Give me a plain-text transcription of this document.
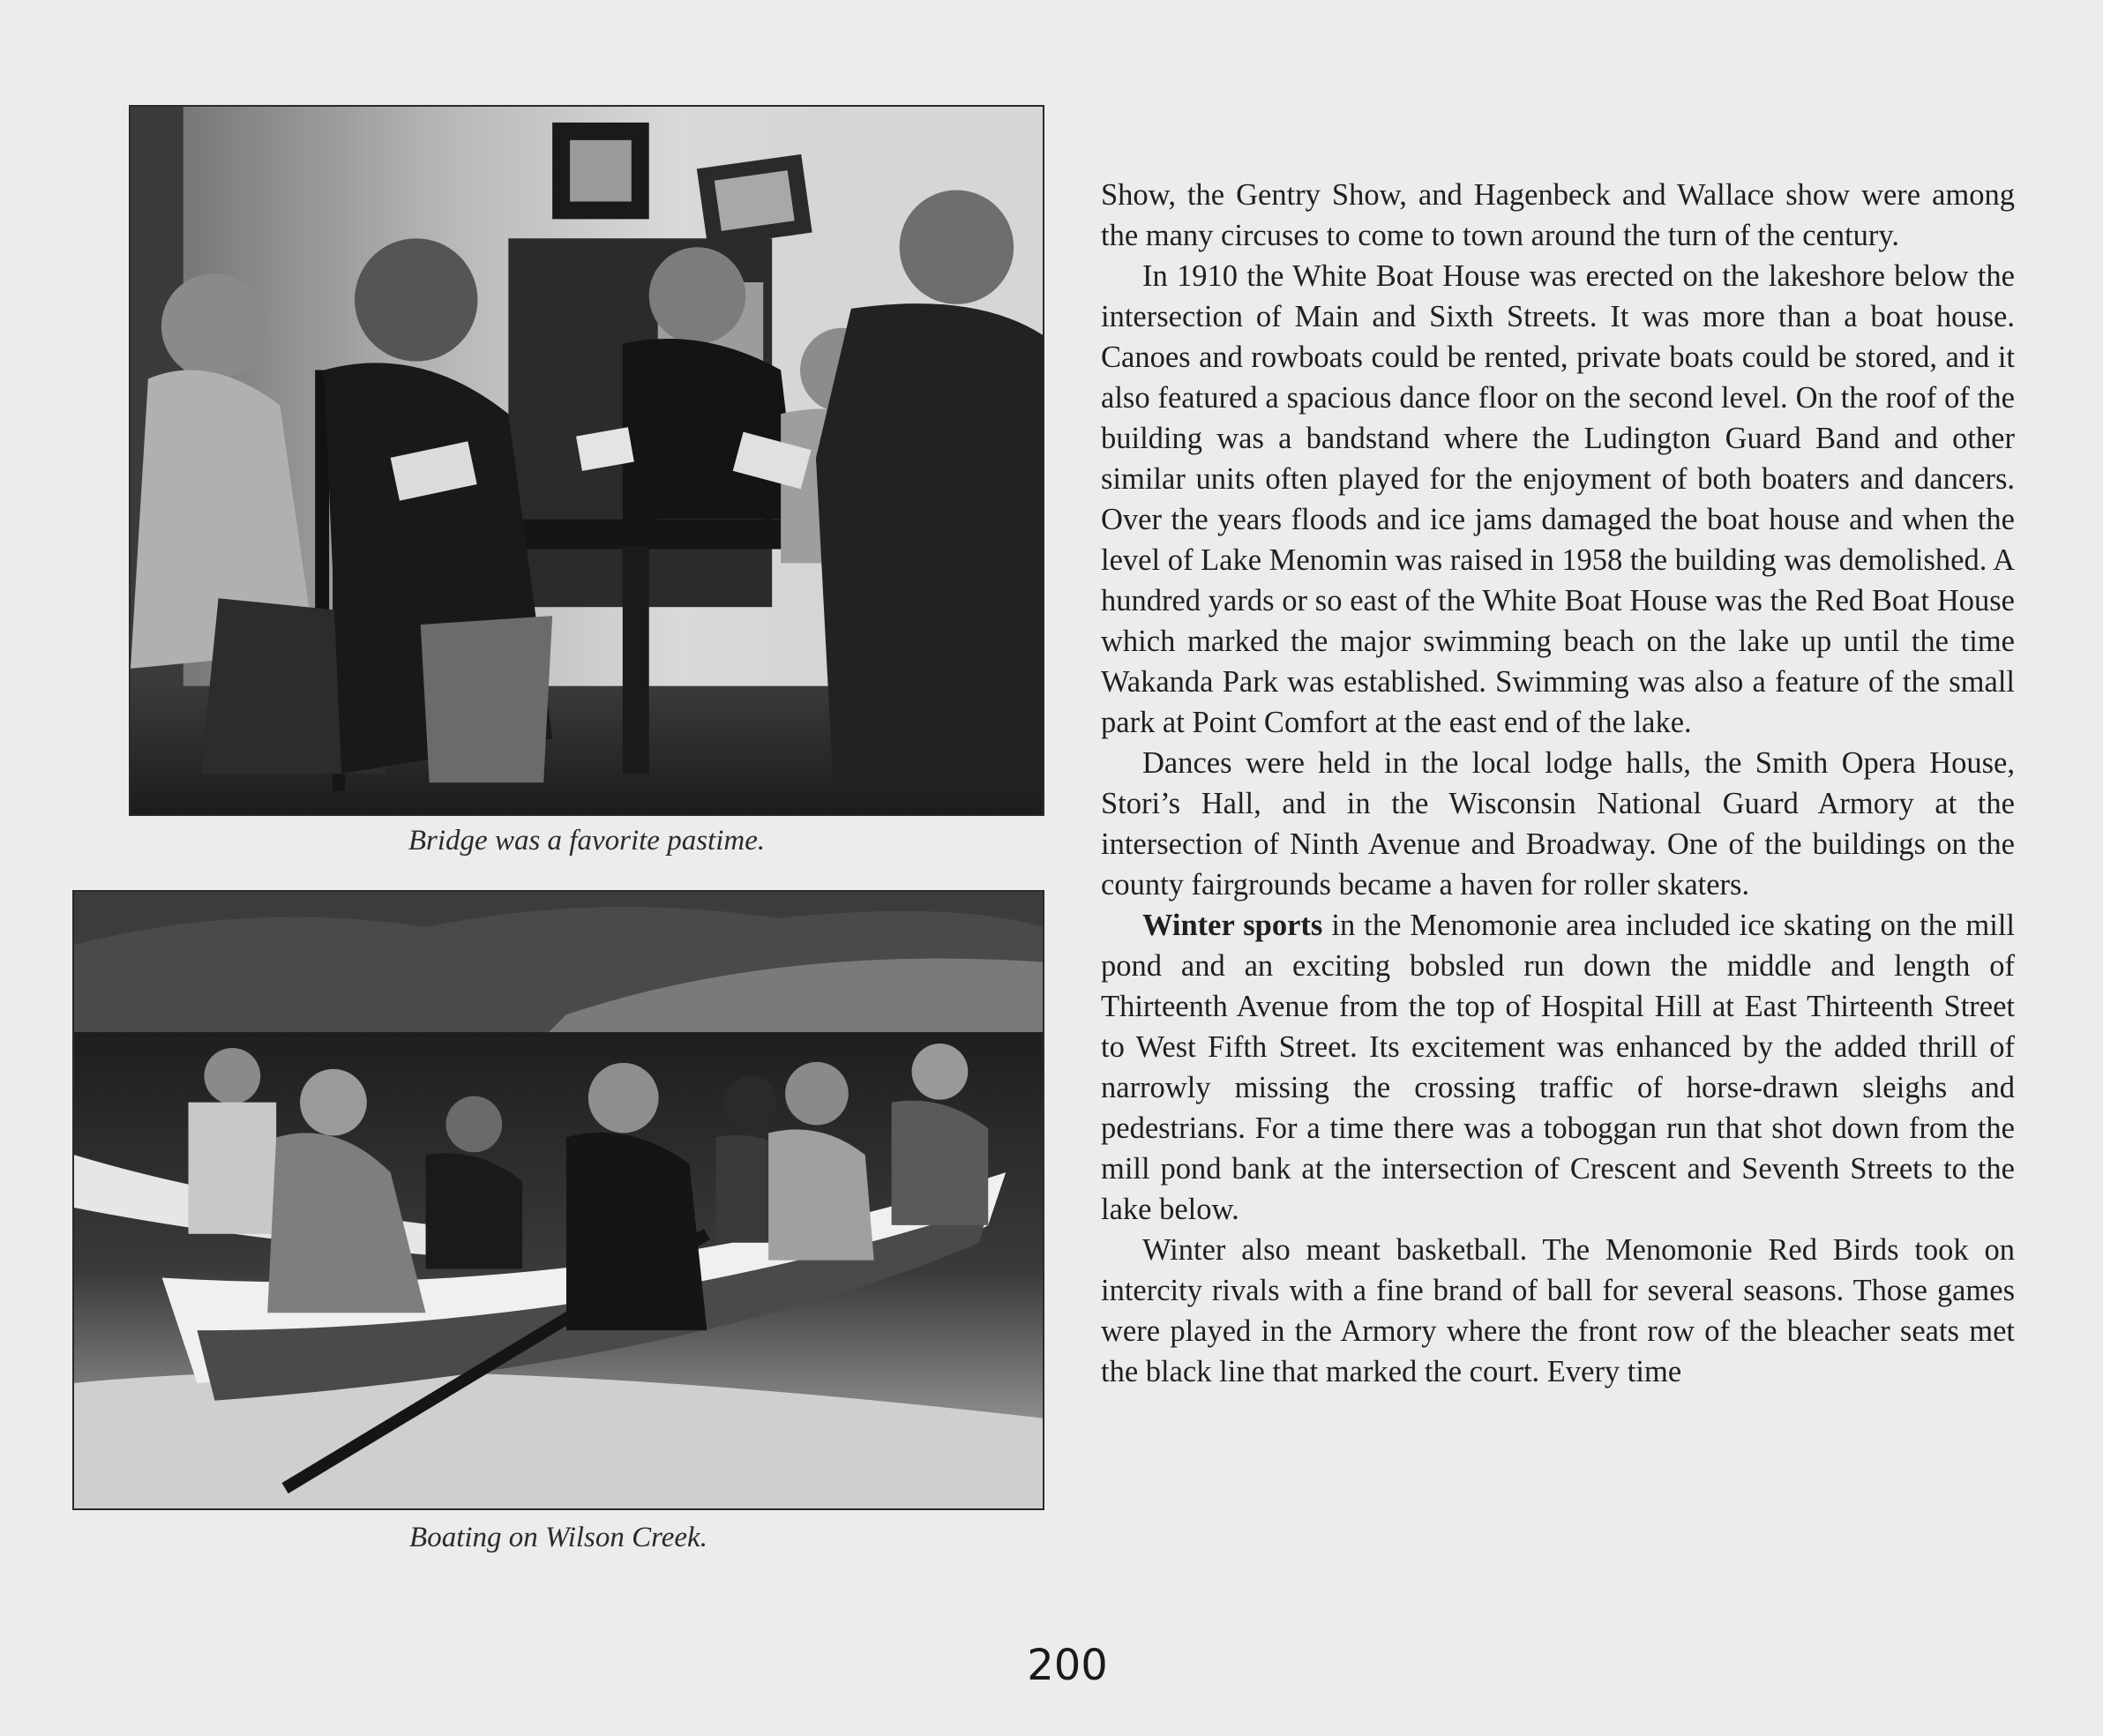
Bridge was a favorite pastime.
Boating on Wilson Creek.

Show, the Gentry Show, and Hagenbeck and Wallace show were among the many circuses to come to town around the turn of the century.

In 1910 the White Boat House was erected on the lakeshore below the intersection of Main and Sixth Streets. It was more than a boat house. Canoes and rowboats could be rented, private boats could be stored, and it also featured a spacious dance floor on the second level. On the roof of the building was a bandstand where the Ludington Guard Band and other similar units often played for the enjoyment of both boaters and dancers. Over the years floods and ice jams damaged the boat house and when the level of Lake Menomin was raised in 1958 the building was demolished. A hundred yards or so east of the White Boat House was the Red Boat House which marked the major swimming beach on the lake up until the time Wakanda Park was established. Swimming was also a feature of the small park at Point Comfort at the east end of the lake.

Dances were held in the local lodge halls, the Smith Opera House, Stori’s Hall, and in the Wisconsin National Guard Armory at the intersection of Ninth Avenue and Broadway. One of the buildings on the county fairgrounds became a haven for roller skaters.

Winter sports in the Menomonie area included ice skating on the mill pond and an exciting bobsled run down the middle and length of Thirteenth Avenue from the top of Hospital Hill at East Thirteenth Street to West Fifth Street. Its excitement was enhanced by the added thrill of narrowly missing the crossing traffic of horse-drawn sleighs and pedestrians. For a time there was a toboggan run that shot down from the mill pond bank at the intersection of Crescent and Seventh Streets to the lake below.

Winter also meant basketball. The Menomonie Red Birds took on intercity rivals with a fine brand of ball for several seasons. Those games were played in the Armory where the front row of the bleacher seats met the black line that marked the court. Every time

200
